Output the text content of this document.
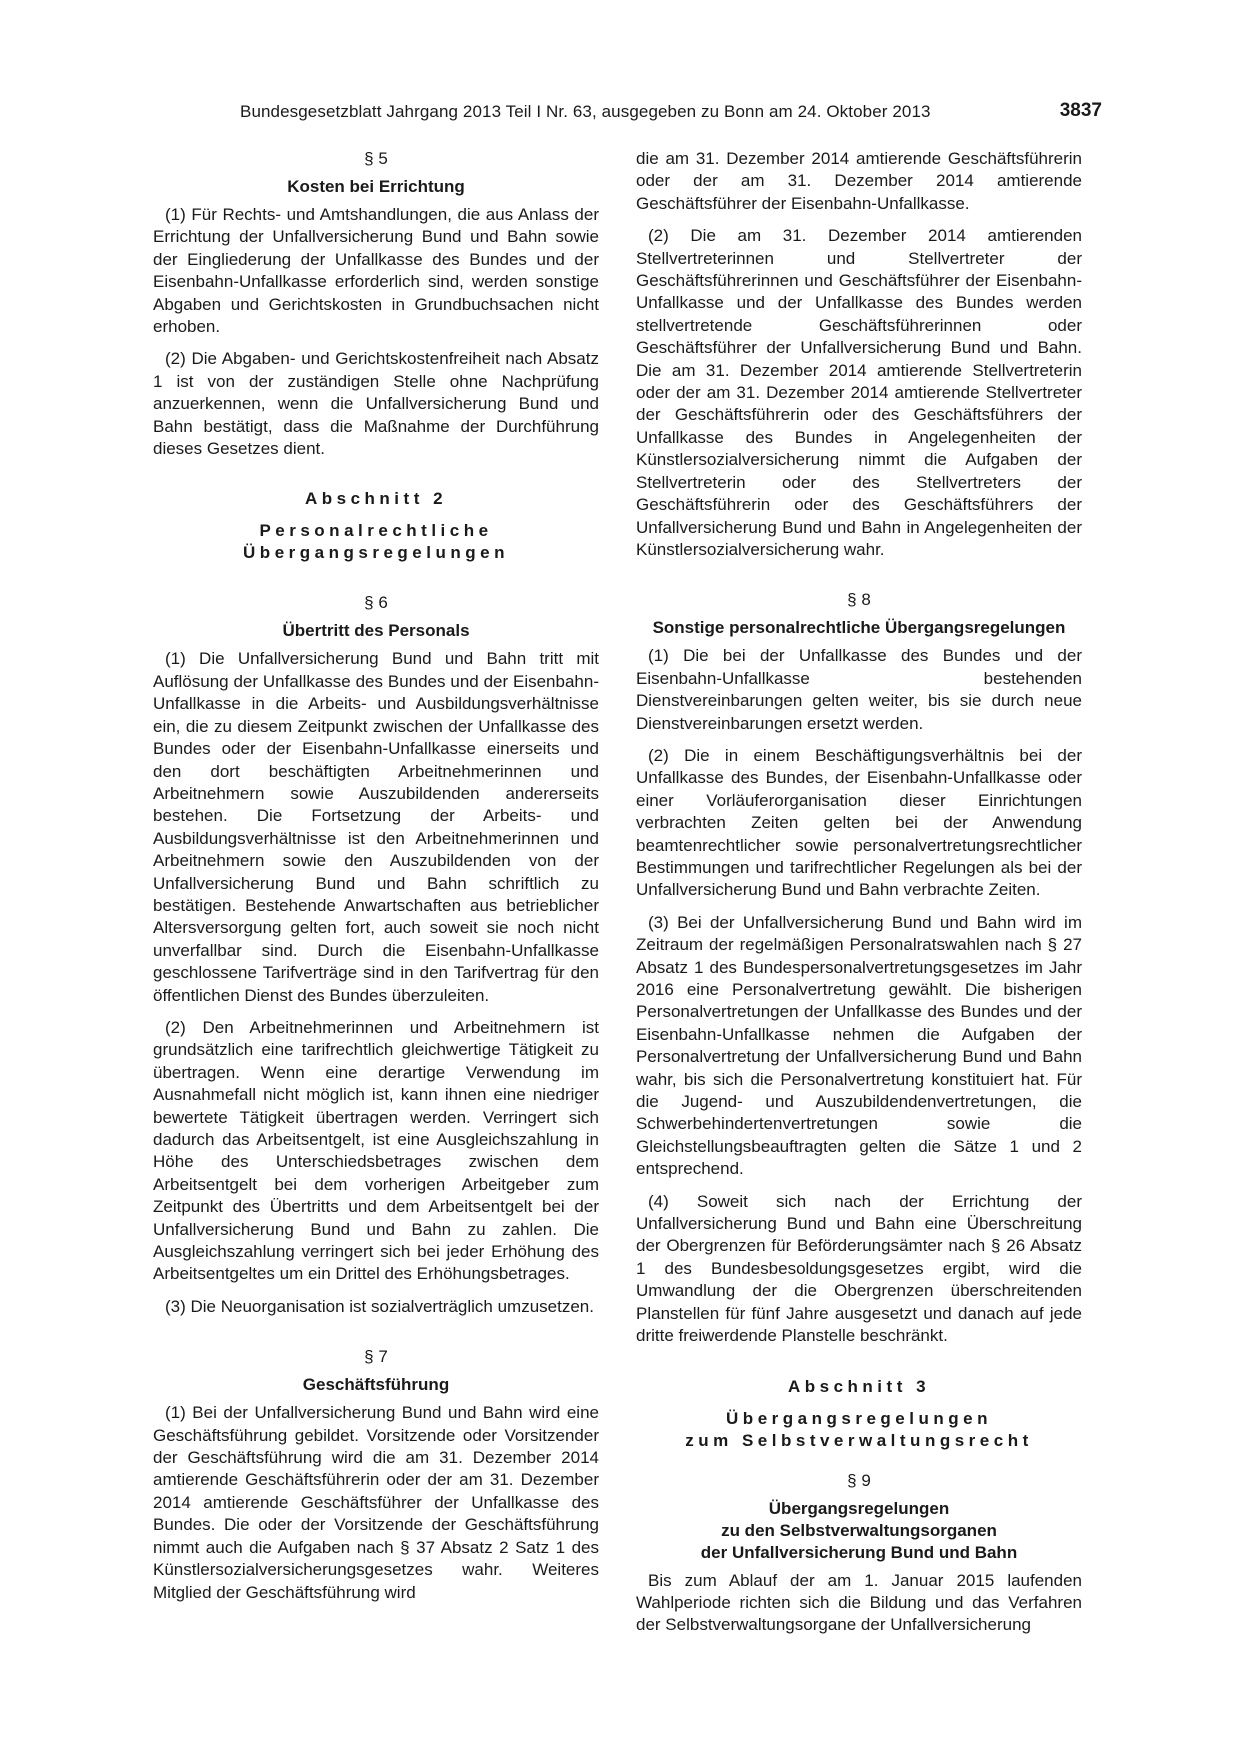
Bundesgesetzblatt Jahrgang 2013 Teil I Nr. 63, ausgegeben zu Bonn am 24. Oktober 2013	3837
§ 5
Kosten bei Errichtung

(1) Für Rechts- und Amtshandlungen, die aus Anlass der Errichtung der Unfallversicherung Bund und Bahn sowie der Eingliederung der Unfallkasse des Bundes und der Eisenbahn-Unfallkasse erforderlich sind, werden sonstige Abgaben und Gerichtskosten in Grundbuchsachen nicht erhoben.

(2) Die Abgaben- und Gerichtskostenfreiheit nach Absatz 1 ist von der zuständigen Stelle ohne Nachprüfung anzuerkennen, wenn die Unfallversicherung Bund und Bahn bestätigt, dass die Maßnahme der Durchführung dieses Gesetzes dient.

Abschnitt 2
Personalrechtliche
Übergangsregelungen
§ 6
Übertritt des Personals

(1) Die Unfallversicherung Bund und Bahn tritt mit Auflösung der Unfallkasse des Bundes und der Eisenbahn-Unfallkasse in die Arbeits- und Ausbildungsverhältnisse ein, die zu diesem Zeitpunkt zwischen der Unfallkasse des Bundes oder der Eisenbahn-Unfallkasse einerseits und den dort beschäftigten Arbeitnehmerinnen und Arbeitnehmern sowie Auszubildenden andererseits bestehen. Die Fortsetzung der Arbeits- und Ausbildungsverhältnisse ist den Arbeitnehmerinnen und Arbeitnehmern sowie den Auszubildenden von der Unfallversicherung Bund und Bahn schriftlich zu bestätigen. Bestehende Anwartschaften aus betrieblicher Altersversorgung gelten fort, auch soweit sie noch nicht unverfallbar sind. Durch die Eisenbahn-Unfallkasse geschlossene Tarifverträge sind in den Tarifvertrag für den öffentlichen Dienst des Bundes überzuleiten.

(2) Den Arbeitnehmerinnen und Arbeitnehmern ist grundsätzlich eine tarifrechtlich gleichwertige Tätigkeit zu übertragen. Wenn eine derartige Verwendung im Ausnahmefall nicht möglich ist, kann ihnen eine niedriger bewertete Tätigkeit übertragen werden. Verringert sich dadurch das Arbeitsentgelt, ist eine Ausgleichszahlung in Höhe des Unterschiedsbetrages zwischen dem Arbeitsentgelt bei dem vorherigen Arbeitgeber zum Zeitpunkt des Übertritts und dem Arbeitsentgelt bei der Unfallversicherung Bund und Bahn zu zahlen. Die Ausgleichszahlung verringert sich bei jeder Erhöhung des Arbeitsentgeltes um ein Drittel des Erhöhungsbetrages.

(3) Die Neuorganisation ist sozialverträglich umzusetzen.

§ 7
Geschäftsführung

(1) Bei der Unfallversicherung Bund und Bahn wird eine Geschäftsführung gebildet. Vorsitzende oder Vorsitzender der Geschäftsführung wird die am 31. Dezember 2014 amtierende Geschäftsführerin oder der am 31. Dezember 2014 amtierende Geschäftsführer der Unfallkasse des Bundes. Die oder der Vorsitzende der Geschäftsführung nimmt auch die Aufgaben nach § 37 Absatz 2 Satz 1 des Künstlersozialversicherungsgesetzes wahr. Weiteres Mitglied der Geschäftsführung wird

die am 31. Dezember 2014 amtierende Geschäftsführerin oder der am 31. Dezember 2014 amtierende Geschäftsführer der Eisenbahn-Unfallkasse.

(2) Die am 31. Dezember 2014 amtierenden Stellvertreterinnen und Stellvertreter der Geschäftsführerinnen und Geschäftsführer der Eisenbahn-Unfallkasse und der Unfallkasse des Bundes werden stellvertretende Geschäftsführerinnen oder Geschäftsführer der Unfallversicherung Bund und Bahn. Die am 31. Dezember 2014 amtierende Stellvertreterin oder der am 31. Dezember 2014 amtierende Stellvertreter der Geschäftsführerin oder des Geschäftsführers der Unfallkasse des Bundes in Angelegenheiten der Künstlersozialversicherung nimmt die Aufgaben der Stellvertreterin oder des Stellvertreters der Geschäftsführerin oder des Geschäftsführers der Unfallversicherung Bund und Bahn in Angelegenheiten der Künstlersozialversicherung wahr.

§ 8
Sonstige personalrechtliche Übergangsregelungen

(1) Die bei der Unfallkasse des Bundes und der Eisenbahn-Unfallkasse bestehenden Dienstvereinbarungen gelten weiter, bis sie durch neue Dienstvereinbarungen ersetzt werden.

(2) Die in einem Beschäftigungsverhältnis bei der Unfallkasse des Bundes, der Eisenbahn-Unfallkasse oder einer Vorläuferorganisation dieser Einrichtungen verbrachten Zeiten gelten bei der Anwendung beamtenrechtlicher sowie personalvertretungsrechtlicher Bestimmungen und tarifrechtlicher Regelungen als bei der Unfallversicherung Bund und Bahn verbrachte Zeiten.

(3) Bei der Unfallversicherung Bund und Bahn wird im Zeitraum der regelmäßigen Personalratswahlen nach § 27 Absatz 1 des Bundespersonalvertretungsgesetzes im Jahr 2016 eine Personalvertretung gewählt. Die bisherigen Personalvertretungen der Unfallkasse des Bundes und der Eisenbahn-Unfallkasse nehmen die Aufgaben der Personalvertretung der Unfallversicherung Bund und Bahn wahr, bis sich die Personalvertretung konstituiert hat. Für die Jugend- und Auszubildendenvertretungen, die Schwerbehindertenvertretungen sowie die Gleichstellungsbeauftragten gelten die Sätze 1 und 2 entsprechend.

(4) Soweit sich nach der Errichtung der Unfallversicherung Bund und Bahn eine Überschreitung der Obergrenzen für Beförderungsämter nach § 26 Absatz 1 des Bundesbesoldungsgesetzes ergibt, wird die Umwandlung der die Obergrenzen überschreitenden Planstellen für fünf Jahre ausgesetzt und danach auf jede dritte freiwerdende Planstelle beschränkt.

Abschnitt 3
Übergangsregelungen
zum Selbstverwaltungsrecht
§ 9
Übergangsregelungen
zu den Selbstverwaltungsorganen
der Unfallversicherung Bund und Bahn

Bis zum Ablauf der am 1. Januar 2015 laufenden Wahlperiode richten sich die Bildung und das Verfahren der Selbstverwaltungsorgane der Unfallversicherung
